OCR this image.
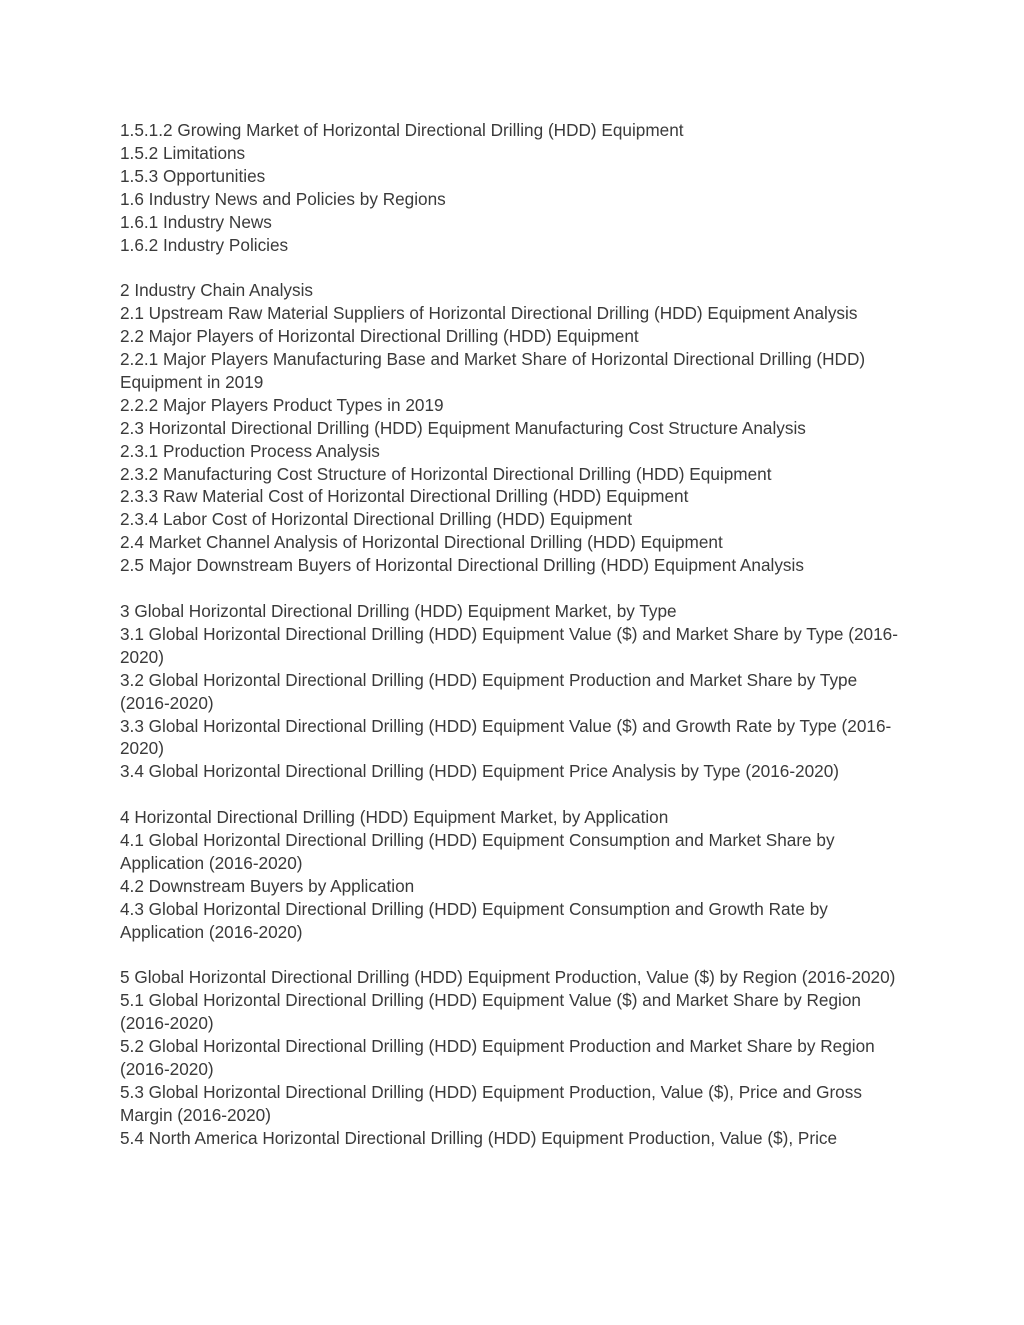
1.5.1.2 Growing Market of Horizontal Directional Drilling (HDD) Equipment
1.5.2 Limitations
1.5.3 Opportunities
1.6 Industry News and Policies by Regions
1.6.1 Industry News
1.6.2 Industry Policies
2 Industry Chain Analysis
2.1 Upstream Raw Material Suppliers of Horizontal Directional Drilling (HDD) Equipment Analysis
2.2 Major Players of Horizontal Directional Drilling (HDD) Equipment
2.2.1 Major Players Manufacturing Base and Market Share of Horizontal Directional Drilling (HDD) Equipment in 2019
2.2.2 Major Players Product Types in 2019
2.3 Horizontal Directional Drilling (HDD) Equipment Manufacturing Cost Structure Analysis
2.3.1 Production Process Analysis
2.3.2 Manufacturing Cost Structure of Horizontal Directional Drilling (HDD) Equipment
2.3.3 Raw Material Cost of Horizontal Directional Drilling (HDD) Equipment
2.3.4 Labor Cost of Horizontal Directional Drilling (HDD) Equipment
2.4 Market Channel Analysis of Horizontal Directional Drilling (HDD) Equipment
2.5 Major Downstream Buyers of Horizontal Directional Drilling (HDD) Equipment Analysis
3 Global Horizontal Directional Drilling (HDD) Equipment Market, by Type
3.1 Global Horizontal Directional Drilling (HDD) Equipment Value ($) and Market Share by Type (2016-2020)
3.2 Global Horizontal Directional Drilling (HDD) Equipment Production and Market Share by Type (2016-2020)
3.3 Global Horizontal Directional Drilling (HDD) Equipment Value ($) and Growth Rate by Type (2016-2020)
3.4 Global Horizontal Directional Drilling (HDD) Equipment Price Analysis by Type (2016-2020)
4 Horizontal Directional Drilling (HDD) Equipment Market, by Application
4.1 Global Horizontal Directional Drilling (HDD) Equipment Consumption and Market Share by Application (2016-2020)
4.2 Downstream Buyers by Application
4.3 Global Horizontal Directional Drilling (HDD) Equipment Consumption and Growth Rate by Application (2016-2020)
5 Global Horizontal Directional Drilling (HDD) Equipment Production, Value ($) by Region (2016-2020)
5.1 Global Horizontal Directional Drilling (HDD) Equipment Value ($) and Market Share by Region (2016-2020)
5.2 Global Horizontal Directional Drilling (HDD) Equipment Production and Market Share by Region (2016-2020)
5.3 Global Horizontal Directional Drilling (HDD) Equipment Production, Value ($), Price and Gross Margin (2016-2020)
5.4 North America Horizontal Directional Drilling (HDD) Equipment Production, Value ($), Price
